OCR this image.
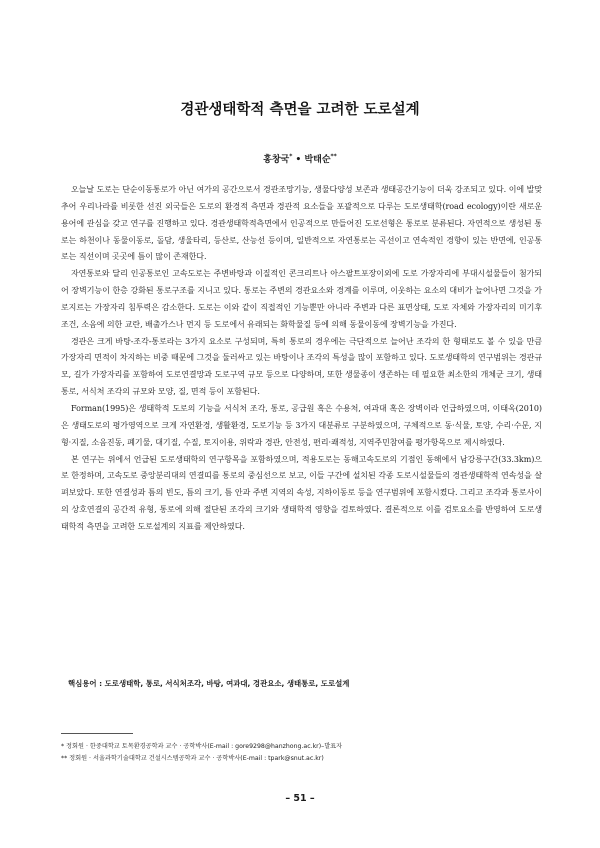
경관생태학적 측면을 고려한 도로설계
홍창국* • 박태순**

오늘날 도로는 단순이동통로가 아닌 여가의 공간으로서 경관조망기능, 생물다양성 보존과 생태공간기능이 더욱 강조되고 있다. 이에 발맞추어 우리나라를 비롯한 선진 외국들은 도로의 환경적 측면과 경관적 요소들을 포괄적으로 다루는 도로생태학(road ecology)이란 새로운 용어에 관심을 갖고 연구를 진행하고 있다. 경관생태학적측면에서 인공적으로 만들어진 도로선형은 통로로 분류된다. 자연적으로 생성된 통로는 하천이나 동물이동로, 돌담, 생울타리, 등산로, 산능선 등이며, 일반적으로 자연통로는 곡선이고 연속적인 경향이 있는 반면에, 인공통로는 직선이며 곳곳에 틈이 많이 존재한다.

자연통로와 달리 인공통로인 고속도로는 주변바탕과 이질적인 콘크리트나 아스팔트포장이외에 도로 가장자리에 부대시설물들이 첨가되어 장벽기능이 한층 강화된 통로구조를 지니고 있다. 통로는 주변의 경관요소와 경계를 이루며, 이웃하는 요소의 대비가 늘어나면 그것을 가로지르는 가장자리 침투력은 감소한다. 도로는 이와 같이 직접적인 기능뿐만 아니라 주변과 다른 표면상태, 도로 자체와 가장자리의 미기후조건, 소음에 의한 교란, 배출가스나 먼지 등 도로에서 유래되는 화학물질 등에 의해 동물이동에 장벽기능을 가진다.

경관은 크게 바탕-조각-통로라는 3가지 요소로 구성되며, 특히 통로의 경우에는 극단적으로 늘어난 조각의 한 형태로도 볼 수 있을 만큼 가장자리 면적이 차지하는 비중 때문에 그것을 둘러싸고 있는 바탕이나 조각의 특성을 많이 포함하고 있다. 도로생태학의 연구범위는 경관규모, 길가 가장자리를 포함하여 도로연결망과 도로구역 규모 등으로 다양하며, 또한 생물종이 생존하는 데 필요한 최소한의 개체군 크기, 생태통로, 서식처 조각의 규모와 모양, 질, 면적 등이 포함된다.

Forman(1995)은 생태학적 도로의 기능을 서식처 조각, 통로, 공급원 혹은 수용처, 여과대 혹은 장벽이라 언급하였으며, 이태옥(2010)은 생태도로의 평가영역으로 크게 자연환경, 생활환경, 도로기능 등 3가지 대분류로 구분하였으며, 구체적으로 동·식물, 토양, 수리·수문, 지형·지질, 소음진동, 폐기물, 대기질, 수질, 토지이용, 위락과 경관, 안전성, 편리·쾌적성, 지역주민참여를 평가항목으로 제시하였다.

본 연구는 위에서 언급된 도로생태학의 연구항목을 포함하였으며, 적용도로는 동해고속도로의 기점인 동해에서 남강릉구간(33.3km)으로 한정하며, 고속도로 중앙분리대의 연결띠를 통로의 중심선으로 보고, 이들 구간에 설치된 각종 도로시설물들의 경관생태학적 연속성을 살펴보았다. 또한 연결성과 틈의 빈도, 틈의 크기, 틈 안과 주변 지역의 속성, 지하이동로 등을 연구범위에 포함시켰다. 그리고 조각과 통로사이의 상호연결의 공간적 유형, 통로에 의해 절단된 조각의 크기와 생태학적 영향을 검토하였다. 결론적으로 이를 검토요소를 반영하여 도로생태학적 측면을 고려한 도로설계의 지표를 제안하였다.

핵심용어 : 도로생태학, 통로, 서식처조각, 바탕, 여과대, 경관요소, 생태통로, 도로설계
* 정회원 · 한중대학교 토목환경공학과 교수 · 공학박사(E-mail : gore9298@hanzhong.ac.kr)–발표자
** 정회원 · 서울과학기술대학교 건설시스템공학과 교수 · 공학박사(E-mail : tpark@snut.ac.kr)
– 51 –
